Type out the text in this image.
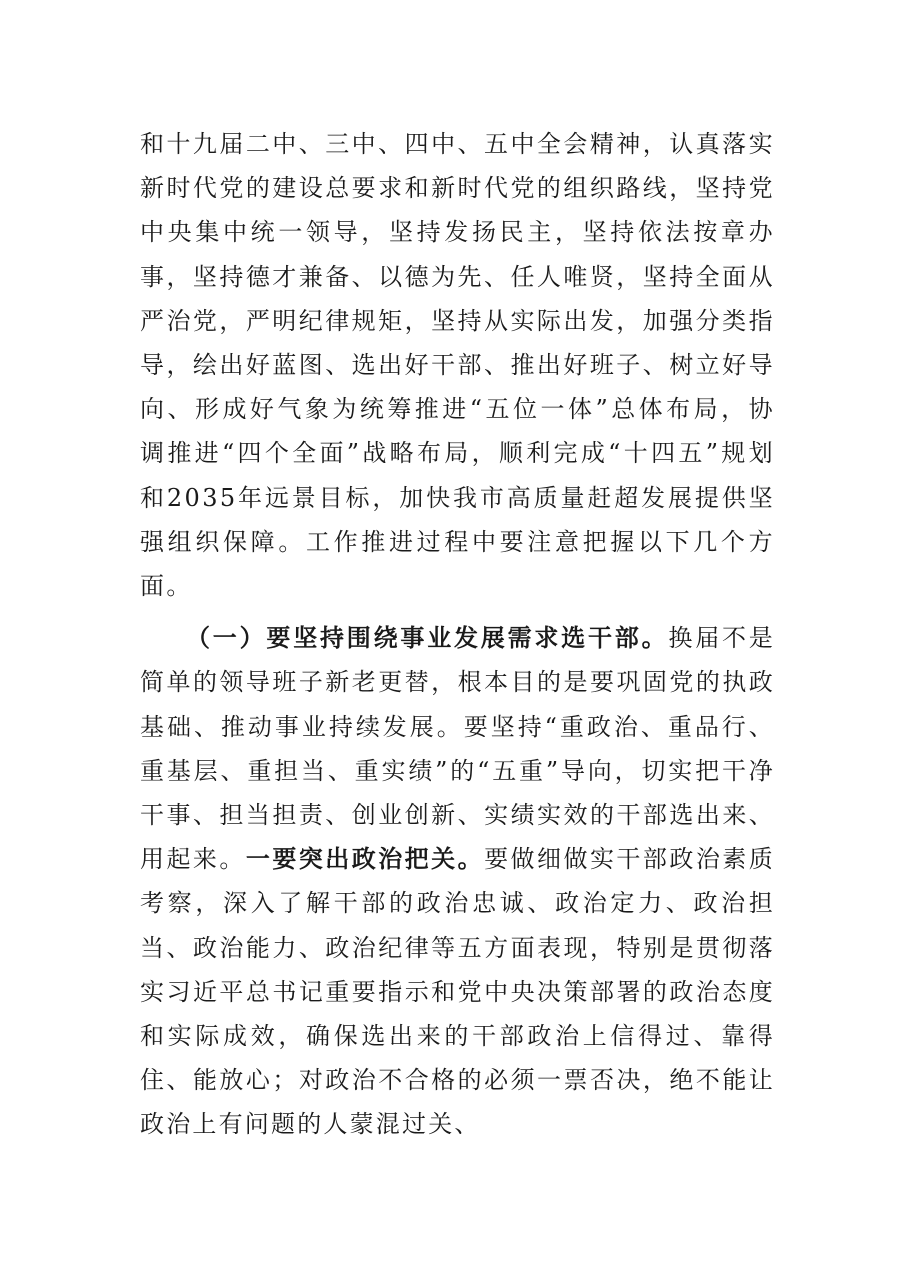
和十九届二中、三中、四中、五中全会精神，认真落实新时代党的建设总要求和新时代党的组织路线，坚持党中央集中统一领导，坚持发扬民主，坚持依法按章办事，坚持德才兼备、以德为先、任人唯贤，坚持全面从严治党，严明纪律规矩，坚持从实际出发，加强分类指导，绘出好蓝图、选出好干部、推出好班子、树立好导向、形成好气象为统筹推进“五位一体”总体布局，协调推进“四个全面”战略布局，顺利完成“十四五”规划和2035年远景目标，加快我市高质量赶超发展提供坚强组织保障。工作推进过程中要注意把握以下几个方面。

（一）要坚持围绕事业发展需求选干部。换届不是简单的领导班子新老更替，根本目的是要巩固党的执政基础、推动事业持续发展。要坚持“重政治、重品行、重基层、重担当、重实绩”的“五重”导向，切实把干净干事、担当担责、创业创新、实绩实效的干部选出来、用起来。一要突出政治把关。要做细做实干部政治素质考察，深入了解干部的政治忠诚、政治定力、政治担当、政治能力、政治纪律等五方面表现，特别是贯彻落实习近平总书记重要指示和党中央决策部署的政治态度和实际成效，确保选出来的干部政治上信得过、靠得住、能放心；对政治不合格的必须一票否决，绝不能让政治上有问题的人蒙混过关、
